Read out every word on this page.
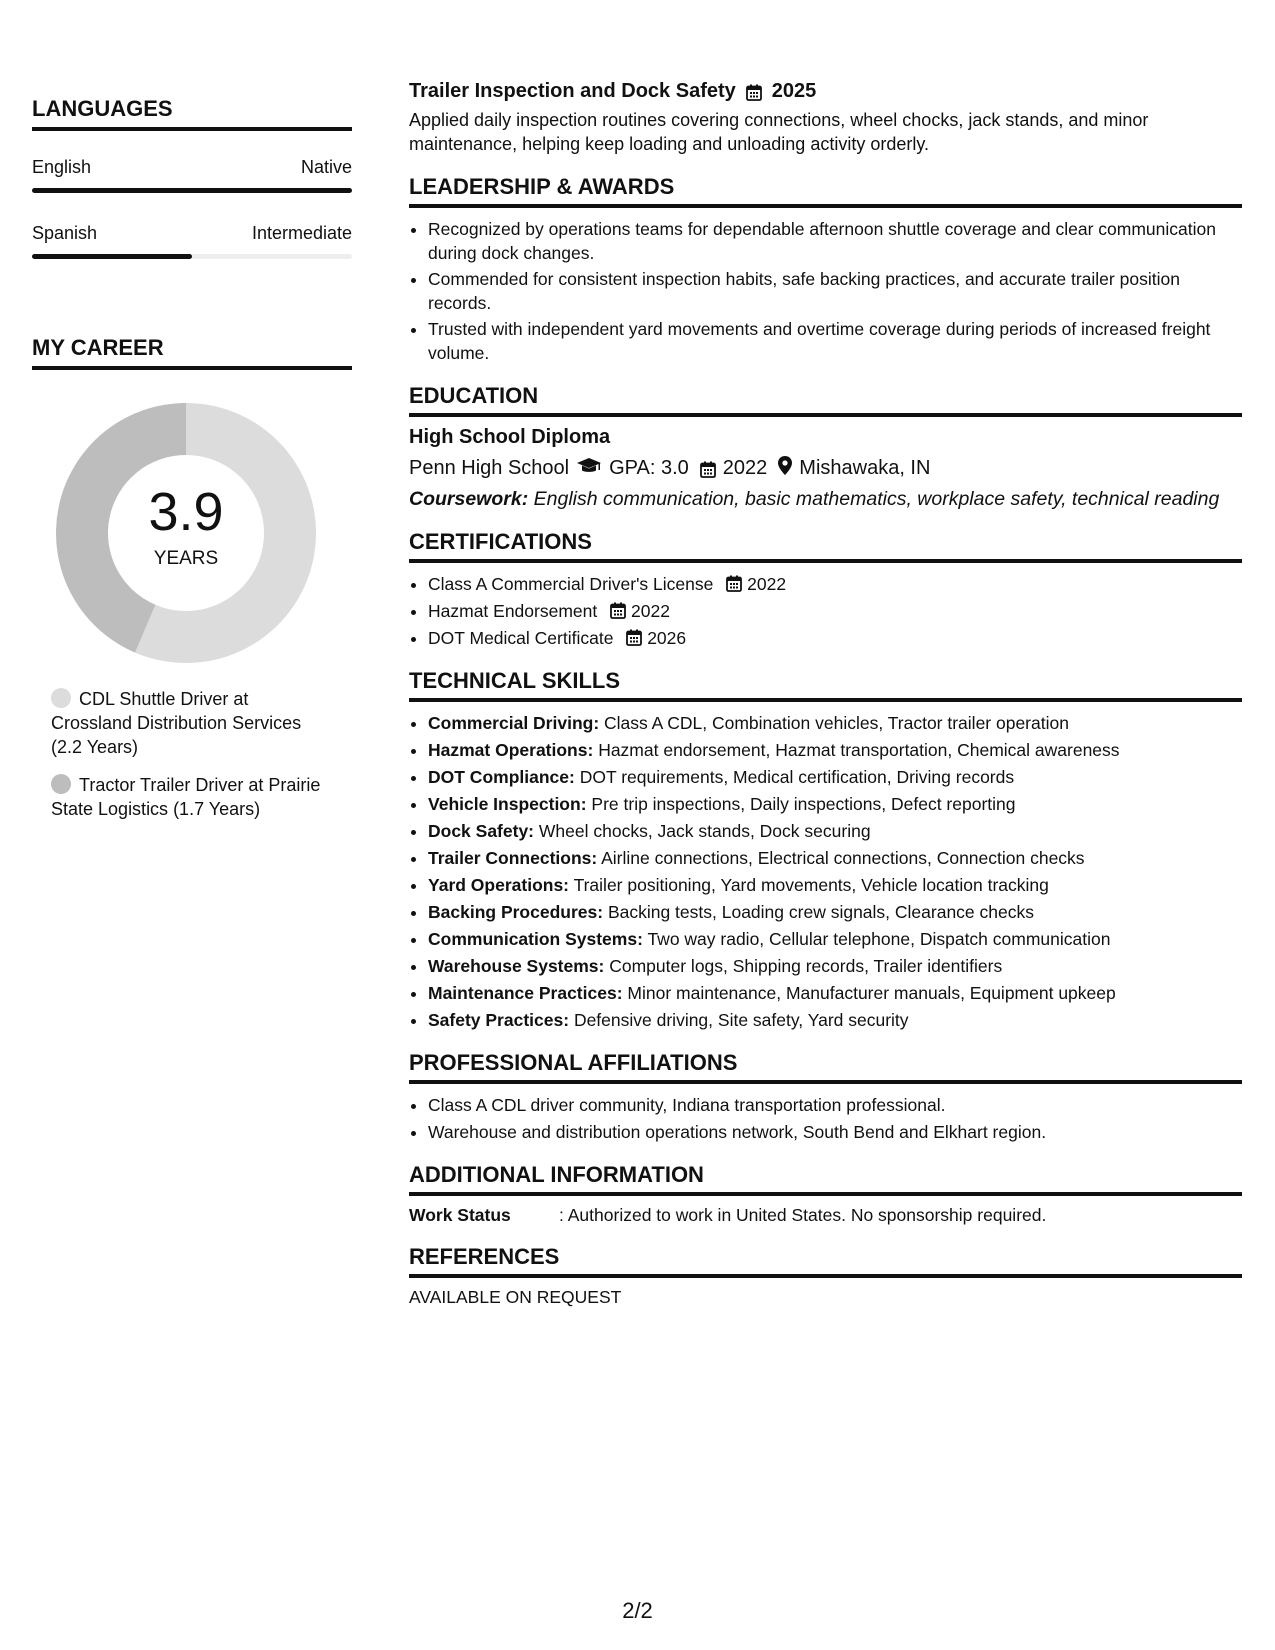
LANGUAGES
English	Native
Spanish	Intermediate
MY CAREER
3.9
YEARS
CDL Shuttle Driver at Crossland Distribution Services (2.2 Years)
Tractor Trailer Driver at Prairie State Logistics (1.7 Years)
Trailer Inspection and Dock Safety 2025
Applied daily inspection routines covering connections, wheel chocks, jack stands, and minor maintenance, helping keep loading and unloading activity orderly.
LEADERSHIP & AWARDS
• Recognized by operations teams for dependable afternoon shuttle coverage and clear communication during dock changes.
• Commended for consistent inspection habits, safe backing practices, and accurate trailer position records.
• Trusted with independent yard movements and overtime coverage during periods of increased freight volume.
EDUCATION
High School Diploma
Penn High School GPA: 3.0 2022 Mishawaka, IN
Coursework: English communication, basic mathematics, workplace safety, technical reading
CERTIFICATIONS
• Class A Commercial Driver's License 2022
• Hazmat Endorsement 2022
• DOT Medical Certificate 2026
TECHNICAL SKILLS
• Commercial Driving: Class A CDL, Combination vehicles, Tractor trailer operation
• Hazmat Operations: Hazmat endorsement, Hazmat transportation, Chemical awareness
• DOT Compliance: DOT requirements, Medical certification, Driving records
• Vehicle Inspection: Pre trip inspections, Daily inspections, Defect reporting
• Dock Safety: Wheel chocks, Jack stands, Dock securing
• Trailer Connections: Airline connections, Electrical connections, Connection checks
• Yard Operations: Trailer positioning, Yard movements, Vehicle location tracking
• Backing Procedures: Backing tests, Loading crew signals, Clearance checks
• Communication Systems: Two way radio, Cellular telephone, Dispatch communication
• Warehouse Systems: Computer logs, Shipping records, Trailer identifiers
• Maintenance Practices: Minor maintenance, Manufacturer manuals, Equipment upkeep
• Safety Practices: Defensive driving, Site safety, Yard security
PROFESSIONAL AFFILIATIONS
• Class A CDL driver community, Indiana transportation professional.
• Warehouse and distribution operations network, South Bend and Elkhart region.
ADDITIONAL INFORMATION
Work Status	: Authorized to work in United States. No sponsorship required.
REFERENCES
AVAILABLE ON REQUEST
2/2
